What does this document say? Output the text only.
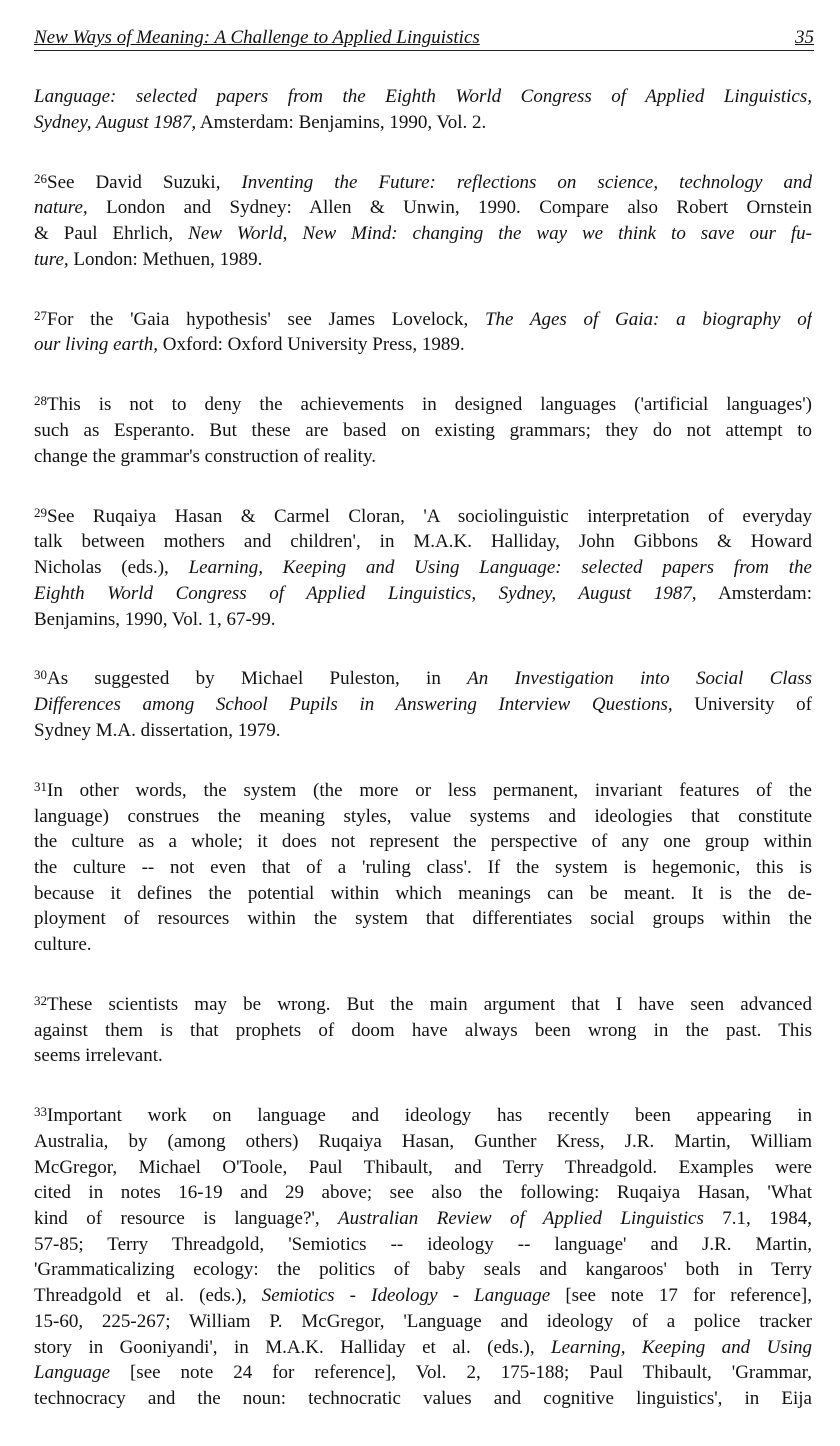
New Ways of Meaning: A Challenge to Applied Linguistics	35
Language: selected papers from the Eighth World Congress of Applied Linguistics,
Sydney, August 1987, Amsterdam: Benjamins, 1990, Vol. 2.
$^{26}$See David Suzuki, Inventing the Future: reflections on science, technology and
nature, London and Sydney: Allen & Unwin, 1990. Compare also Robert Ornstein
& Paul Ehrlich, New World, New Mind: changing the way we think to save our fu-
ture, London: Methuen, 1989.
$^{27}$For the 'Gaia hypothesis' see James Lovelock, The Ages of Gaia: a biography of
our living earth, Oxford: Oxford University Press, 1989.
$^{28}$This is not to deny the achievements in designed languages ('artificial languages')
such as Esperanto. But these are based on existing grammars; they do not attempt to
change the grammar's construction of reality.
$^{29}$See Ruqaiya Hasan & Carmel Cloran, 'A sociolinguistic interpretation of everyday
talk between mothers and children', in M.A.K. Halliday, John Gibbons & Howard
Nicholas (eds.), Learning, Keeping and Using Language: selected papers from the
Eighth World Congress of Applied Linguistics, Sydney, August 1987, Amsterdam:
Benjamins, 1990, Vol. 1, 67-99.
$^{30}$As suggested by Michael Puleston, in An Investigation into Social Class
Differences among School Pupils in Answering Interview Questions, University of
Sydney M.A. dissertation, 1979.
$^{31}$In other words, the system (the more or less permanent, invariant features of the
language) construes the meaning styles, value systems and ideologies that constitute
the culture as a whole; it does not represent the perspective of any one group within
the culture -- not even that of a 'ruling class'. If the system is hegemonic, this is
because it defines the potential within which meanings can be meant. It is the de-
ployment of resources within the system that differentiates social groups within the
culture.
$^{32}$These scientists may be wrong. But the main argument that I have seen advanced
against them is that prophets of doom have always been wrong in the past. This
seems irrelevant.
$^{33}$Important work on language and ideology has recently been appearing in
Australia, by (among others) Ruqaiya Hasan, Gunther Kress, J.R. Martin, William
McGregor, Michael O'Toole, Paul Thibault, and Terry Threadgold. Examples were
cited in notes 16-19 and 29 above; see also the following: Ruqaiya Hasan, 'What
kind of resource is language?', Australian Review of Applied Linguistics 7.1, 1984,
57-85; Terry Threadgold, 'Semiotics -- ideology -- language' and J.R. Martin,
'Grammaticalizing ecology: the politics of baby seals and kangaroos' both in Terry
Threadgold et al. (eds.), Semiotics - Ideology - Language [see note 17 for reference],
15-60, 225-267; William P. McGregor, 'Language and ideology of a police tracker
story in Gooniyandi', in M.A.K. Halliday et al. (eds.), Learning, Keeping and Using
Language [see note 24 for reference], Vol. 2, 175-188; Paul Thibault, 'Grammar,
technocracy and the noun: technocratic values and cognitive linguistics', in Eija
